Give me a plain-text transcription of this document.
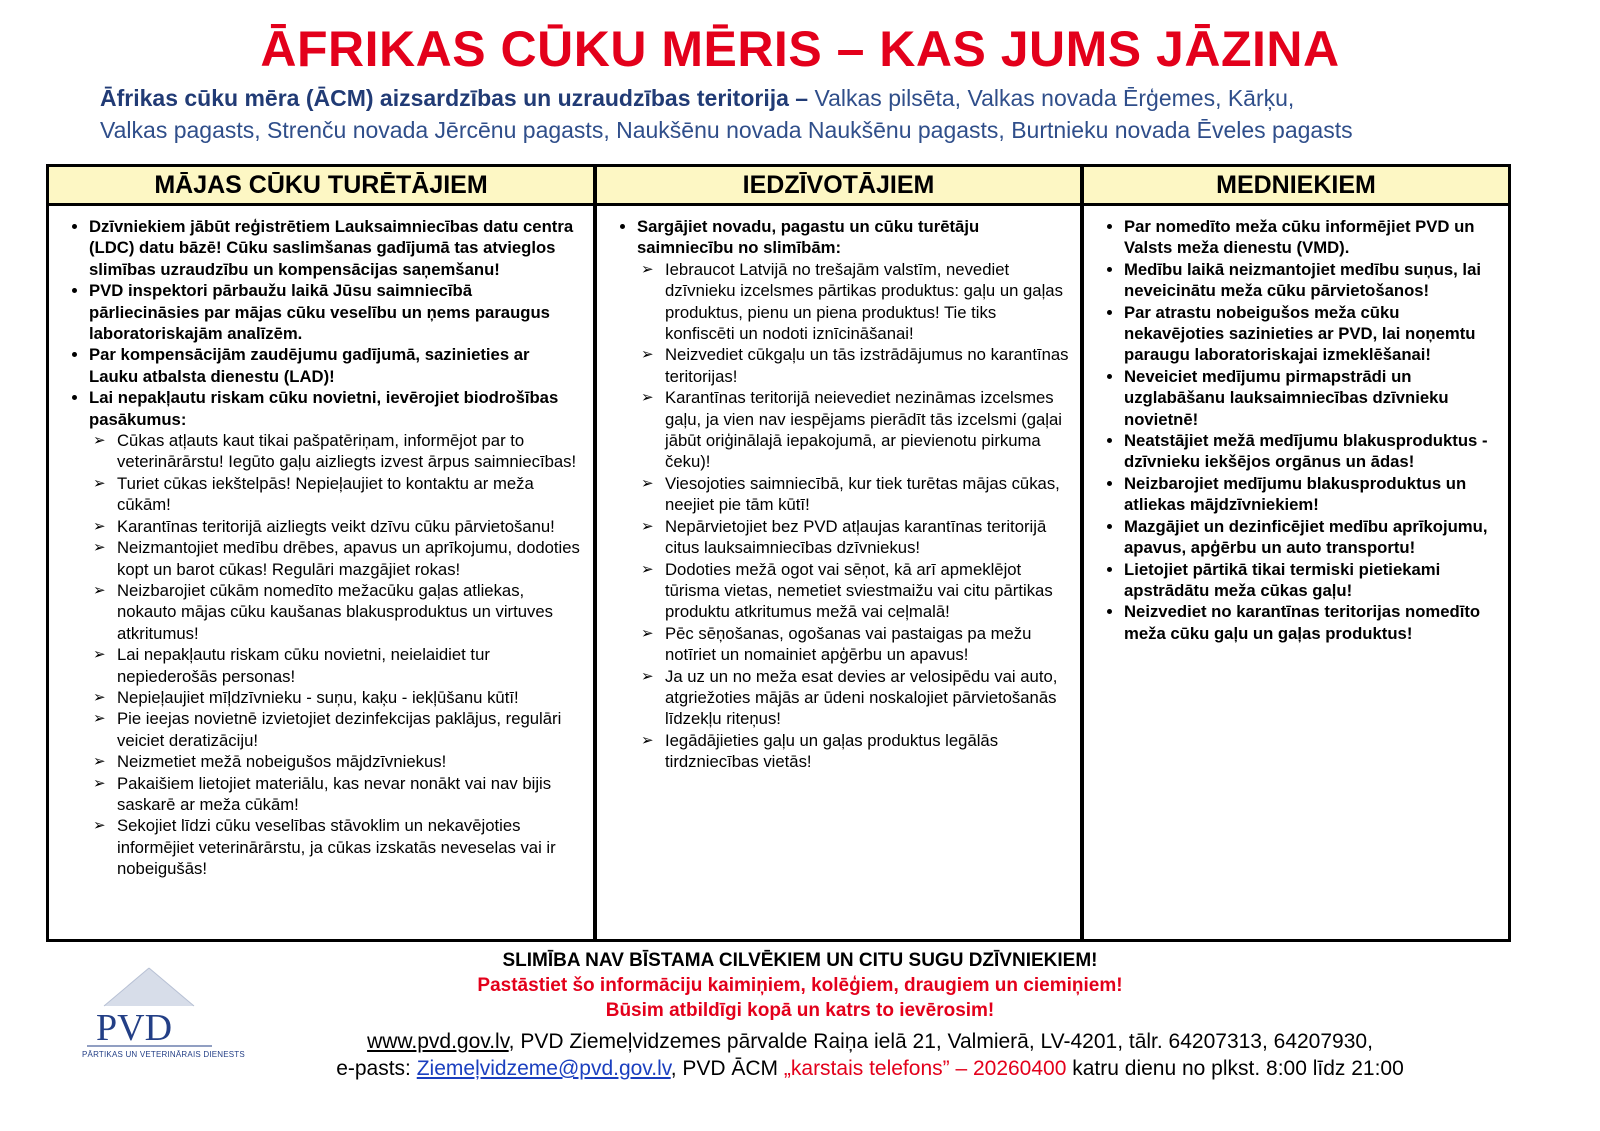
ĀFRIKAS CŪKU MĒRIS – KAS JUMS JĀZINA
Āfrikas cūku mēra (ĀCM) aizsardzības un uzraudzības teritorija – Valkas pilsēta, Valkas novada Ērģemes, Kārķu,
Valkas pagasts, Strenču novada Jērcēnu pagasts, Naukšēnu novada Naukšēnu pagasts, Burtnieku novada Ēveles pagasts
MĀJAS CŪKU TURĒTĀJIEM
• Dzīvniekiem jābūt reģistrētiem Lauksaimniecības datu centra (LDC) datu bāzē! Cūku saslimšanas gadījumā tas atvieglos slimības uzraudzību un kompensācijas saņemšanu!
• PVD inspektori pārbaužu laikā Jūsu saimniecībā pārliecināsies par mājas cūku veselību un ņems paraugus laboratoriskajām analīzēm.
• Par kompensācijām zaudējumu gadījumā, sazinieties ar Lauku atbalsta dienestu (LAD)!
• Lai nepakļautu riskam cūku novietni, ievērojiet biodrošības pasākumus:
➢ Cūkas atļauts kaut tikai pašpatēriņam, informējot par to veterinārārstu! Iegūto gaļu aizliegts izvest ārpus saimniecības!
➢ Turiet cūkas iekštelpās! Nepieļaujiet to kontaktu ar meža cūkām!
➢ Karantīnas teritorijā aizliegts veikt dzīvu cūku pārvietošanu!
➢ Neizmantojiet medību drēbes, apavus un aprīkojumu, dodoties kopt un barot cūkas! Regulāri mazgājiet rokas!
➢ Neizbarojiet cūkām nomedīto mežacūku gaļas atliekas, nokauto mājas cūku kaušanas blakusproduktus un virtuves atkritumus!
➢ Lai nepakļautu riskam cūku novietni, neielaidiet tur nepiederošās personas!
➢ Nepieļaujiet mīļdzīvnieku - suņu, kaķu - iekļūšanu kūtī!
➢ Pie ieejas novietnē izvietojiet dezinfekcijas paklājus, regulāri veiciet deratizāciju!
➢ Neizmetiet mežā nobeigušos mājdzīvniekus!
➢ Pakaišiem lietojiet materiālu, kas nevar nonākt vai nav bijis saskarē ar meža cūkām!
➢ Sekojiet līdzi cūku veselības stāvoklim un nekavējoties informējiet veterinārārstu, ja cūkas izskatās neveselas vai ir nobeigušās!
IEDZĪVOTĀJIEM
• Sargājiet novadu, pagastu un cūku turētāju saimniecību no slimībām:
➢ Iebraucot Latvijā no trešajām valstīm, nevediet dzīvnieku izcelsmes pārtikas produktus: gaļu un gaļas produktus, pienu un piena produktus! Tie tiks konfiscēti un nodoti iznīcināšanai!
➢ Neizvediet cūkgaļu un tās izstrādājumus no karantīnas teritorijas!
➢ Karantīnas teritorijā neievediet nezināmas izcelsmes gaļu, ja vien nav iespējams pierādīt tās izcelsmi (gaļai jābūt oriģinālajā iepakojumā, ar pievienotu pirkuma čeku)!
➢ Viesojoties saimniecībā, kur tiek turētas mājas cūkas, neejiet pie tām kūtī!
➢ Nepārvietojiet bez PVD atļaujas karantīnas teritorijā citus lauksaimniecības dzīvniekus!
➢ Dodoties mežā ogot vai sēņot, kā arī apmeklējot tūrisma vietas, nemetiet sviestmaižu vai citu pārtikas produktu atkritumus mežā vai ceļmalā!
➢ Pēc sēņošanas, ogošanas vai pastaigas pa mežu notīriet un nomainiet apģērbu un apavus!
➢ Ja uz un no meža esat devies ar velosipēdu vai auto, atgriežoties mājās ar ūdeni noskalojiet pārvietošanās līdzekļu riteņus!
➢ Iegādājieties gaļu un gaļas produktus legālās tirdzniecības vietās!
MEDNIEKIEM
• Par nomedīto meža cūku informējiet PVD un Valsts meža dienestu (VMD).
• Medību laikā neizmantojiet medību suņus, lai neveicinātu meža cūku pārvietošanos!
• Par atrastu nobeigušos meža cūku nekavējoties sazinieties ar PVD, lai noņemtu paraugu laboratoriskajai izmeklēšanai!
• Neveiciet medījumu pirmapstrādi un uzglabāšanu lauksaimniecības dzīvnieku novietnē!
• Neatstājiet mežā medījumu blakusproduktus - dzīvnieku iekšējos orgānus un ādas!
• Neizbarojiet medījumu blakusproduktus un atliekas mājdzīvniekiem!
• Mazgājiet un dezinficējiet medību aprīkojumu, apavus, apģērbu un auto transportu!
• Lietojiet pārtikā tikai termiski pietiekami apstrādātu meža cūkas gaļu!
• Neizvediet no karantīnas teritorijas nomedīto meža cūku gaļu un gaļas produktus!
SLIMĪBA NAV BĪSTAMA CILVĒKIEM UN CITU SUGU DZĪVNIEKIEM!
Pastāstiet šo informāciju kaimiņiem, kolēģiem, draugiem un ciemiņiem!
Būsim atbildīgi kopā un katrs to ievērosim!
PVD
PĀRTIKAS UN VETERINĀRAIS DIENESTS
www.pvd.gov.lv, PVD Ziemeļvidzemes pārvalde Raiņa ielā 21, Valmierā, LV-4201, tālr. 64207313, 64207930,
e-pasts: Ziemeļvidzeme@pvd.gov.lv, PVD ĀCM „karstais telefons” – 20260400 katru dienu no plkst. 8:00 līdz 21:00
